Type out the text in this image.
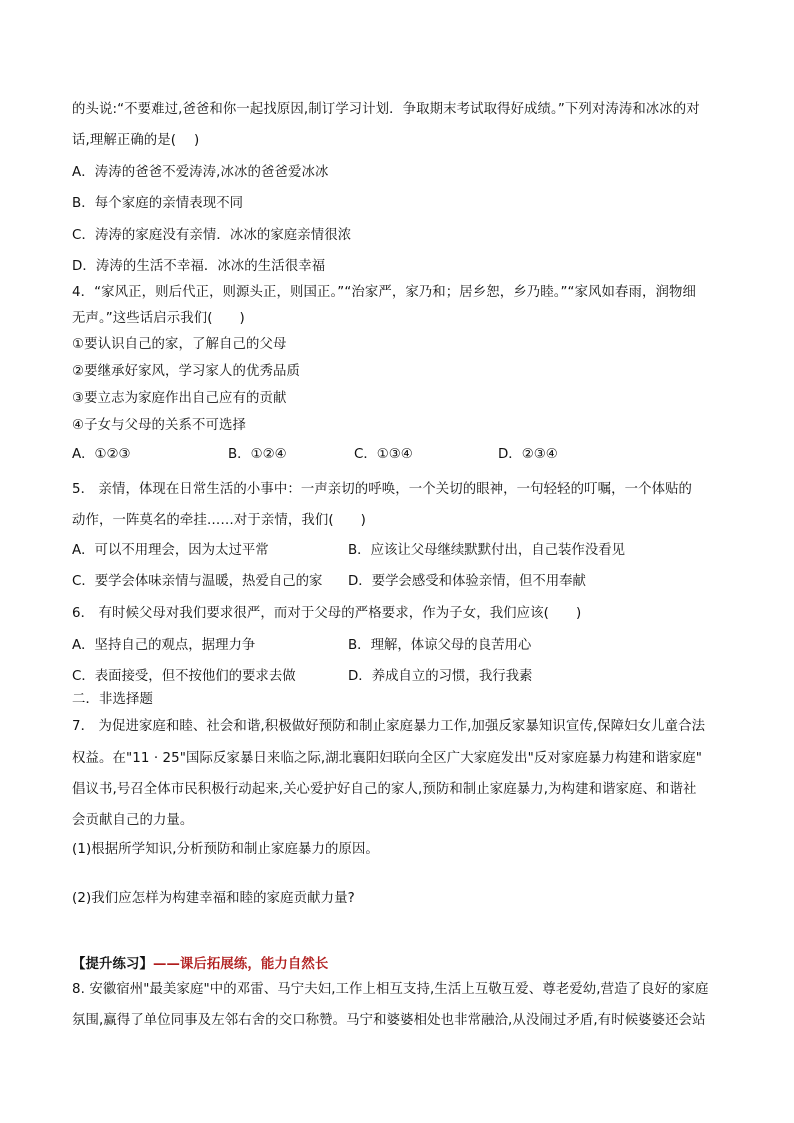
的头说:“不要难过,爸爸和你一起找原因,制订学习计划．争取期末考试取得好成绩。”下列对涛涛和冰冰的对
话,理解正确的是(　 )
A．涛涛的爸爸不爱涛涛,冰冰的爸爸爱冰冰
B．每个家庭的亲情表现不同
C．涛涛的家庭没有亲情．冰冰的家庭亲情很浓
D．涛涛的生活不幸福．冰冰的生活很幸福
4．“家风正，则后代正，则源头正，则国正。”“治家严，家乃和；居乡恕，乡乃睦。”“家风如春雨，润物细
无声。”这些话启示我们(　　)
①要认识自己的家，了解自己的父母
②要继承好家风，学习家人的优秀品质
③要立志为家庭作出自己应有的贡献
④子女与父母的关系不可选择
A．①②③	B．①②④	C．①③④	D．②③④
5． 亲情，体现在日常生活的小事中：一声亲切的呼唤，一个关切的眼神，一句轻轻的叮嘱，一个体贴的
动作，一阵莫名的牵挂……对于亲情，我们(　　)
A．可以不用理会，因为太过平常	B．应该让父母继续默默付出，自己装作没看见
C．要学会体味亲情与温暖，热爱自己的家 D．要学会感受和体验亲情，但不用奉献
6． 有时候父母对我们要求很严，而对于父母的严格要求，作为子女，我们应该(　　)
A．坚持自己的观点，据理力争	B．理解，体谅父母的良苦用心
C．表面接受，但不按他们的要求去做	D．养成自立的习惯，我行我素
二．非选择题
7． 为促进家庭和睦、社会和谐,积极做好预防和制止家庭暴力工作,加强反家暴知识宣传,保障妇女儿童合法
权益。在"11 · 25"国际反家暴日来临之际,湖北襄阳妇联向全区广大家庭发出"反对家庭暴力构建和谐家庭"
倡议书,号召全体市民积极行动起来,关心爱护好自己的家人,预防和制止家庭暴力,为构建和谐家庭、和谐社
会贡献自己的力量。
(1)根据所学知识,分析预防和制止家庭暴力的原因。
(2)我们应怎样为构建幸福和睦的家庭贡献力量?
【提升练习】——课后拓展练，能力自然长
8. 安徽宿州"最美家庭"中的邓雷、马宁夫妇,工作上相互支持,生活上互敬互爱、尊老爱幼,营造了良好的家庭
氛围,赢得了单位同事及左邻右舍的交口称赞。马宁和婆婆相处也非常融洽,从没闹过矛盾,有时候婆婆还会站
